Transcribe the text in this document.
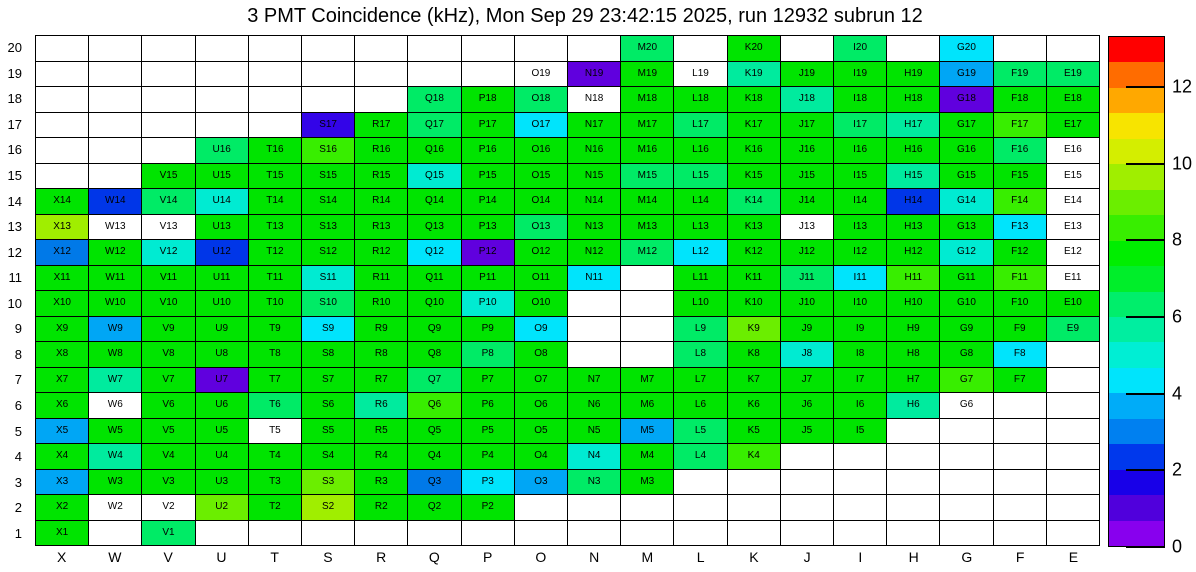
3 PMT Coincidence (kHz), Mon Sep 29 23:42:15 2025, run 12932 subrun 12
20
19
18
17
16
15
14
13
12
11
10
9
8
7
6
5
4
3
2
1
M20	K20	I20	G20
O19	N19	M19	L19	K19	J19	I19	H19	G19	F19	E19
Q18	P18	O18	N18	M18	L18	K18	J18	I18	H18	G18	F18	E18
S17	R17	Q17	P17	O17	N17	M17	L17	K17	J17	I17	H17	G17	F17	E17
U16	T16	S16	R16	Q16	P16	O16	N16	M16	L16	K16	J16	I16	H16	G16	F16	E16
V15	U15	T15	S15	R15	Q15	P15	O15	N15	M15	L15	K15	J15	I15	H15	G15	F15	E15
X14	W14	V14	U14	T14	S14	R14	Q14	P14	O14	N14	M14	L14	K14	J14	I14	H14	G14	F14	E14
X13	W13	V13	U13	T13	S13	R13	Q13	P13	O13	N13	M13	L13	K13	J13	I13	H13	G13	F13	E13
X12	W12	V12	U12	T12	S12	R12	Q12	P12	O12	N12	M12	L12	K12	J12	I12	H12	G12	F12	E12
X11	W11	V11	U11	T11	S11	R11	Q11	P11	O11	N11	L11	K11	J11	I11	H11	G11	F11	E11
X10	W10	V10	U10	T10	S10	R10	Q10	P10	O10	L10	K10	J10	I10	H10	G10	F10	E10
X9	W9	V9	U9	T9	S9	R9	Q9	P9	O9	L9	K9	J9	I9	H9	G9	F9	E9
X8	W8	V8	U8	T8	S8	R8	Q8	P8	O8	L8	K8	J8	I8	H8	G8	F8
X7	W7	V7	U7	T7	S7	R7	Q7	P7	O7	N7	M7	L7	K7	J7	I7	H7	G7	F7
X6	W6	V6	U6	T6	S6	R6	Q6	P6	O6	N6	M6	L6	K6	J6	I6	H6	G6
X5	W5	V5	U5	T5	S5	R5	Q5	P5	O5	N5	M5	L5	K5	J5	I5
X4	W4	V4	U4	T4	S4	R4	Q4	P4	O4	N4	M4	L4	K4
X3	W3	V3	U3	T3	S3	R3	Q3	P3	O3	N3	M3
X2	W2	V2	U2	T2	S2	R2	Q2	P2
X1	V1
X	W	V	U	T	S	R	Q	P	O	N	M	L	K	J	I	H	G	F	E
0
2
4
6
8
10
12
